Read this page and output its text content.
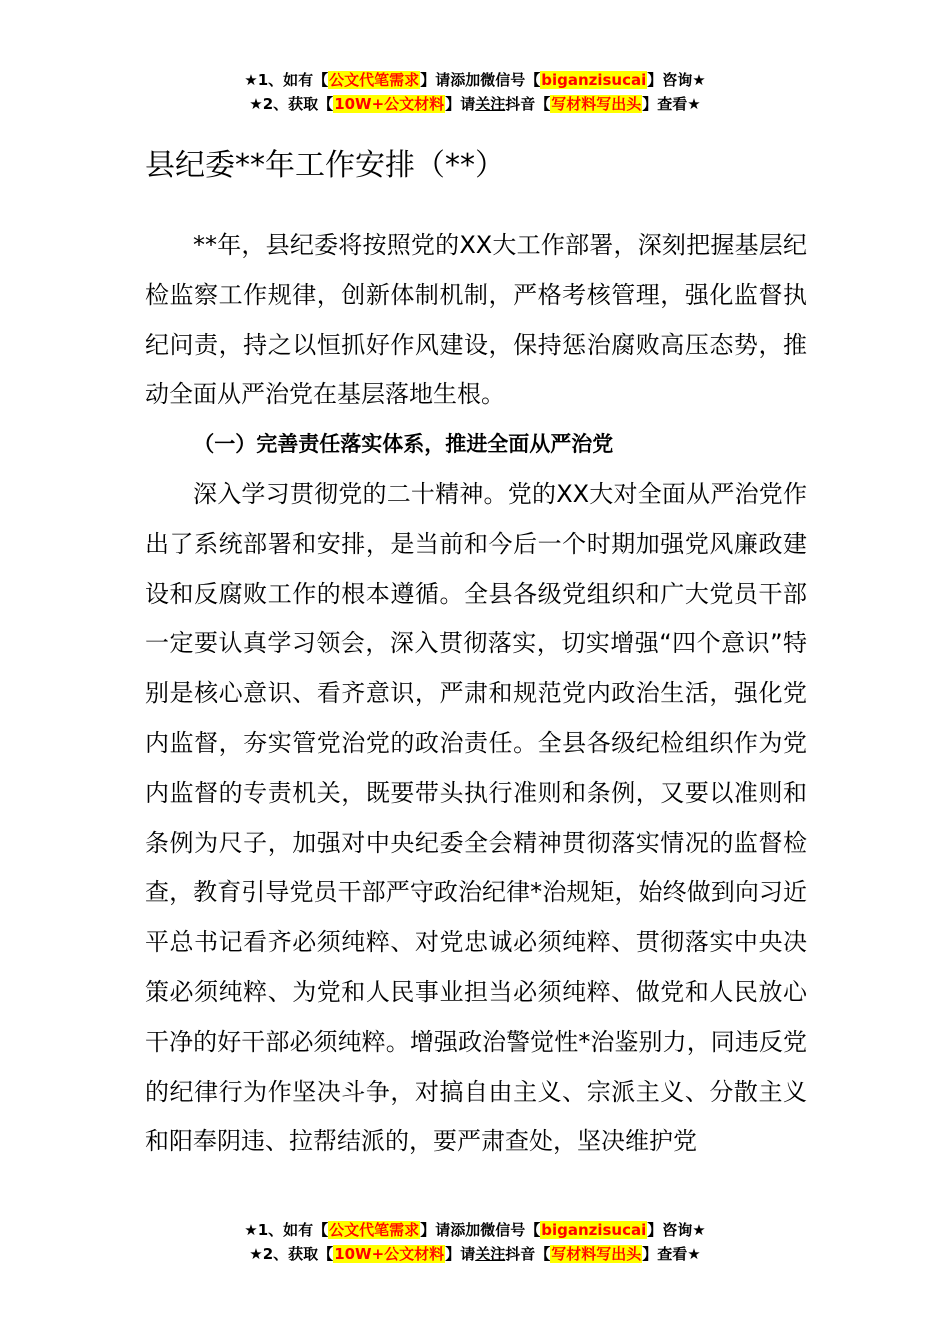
★1、如有【公文代笔需求】请添加微信号【biganzisucai】咨询★
★2、获取【10W+公文材料】请关注抖音【写材料写出头】查看★
县纪委**年工作安排（**）

**年，县纪委将按照党的XX大工作部署，深刻把握基层纪检监察工作规律，创新体制机制，严格考核管理，强化监督执纪问责，持之以恒抓好作风建设，保持惩治腐败高压态势，推动全面从严治党在基层落地生根。

（一）完善责任落实体系，推进全面从严治党

深入学习贯彻党的二十精神。党的XX大对全面从严治党作出了系统部署和安排，是当前和今后一个时期加强党风廉政建设和反腐败工作的根本遵循。全县各级党组织和广大党员干部一定要认真学习领会，深入贯彻落实，切实增强“四个意识”特别是核心意识、看齐意识，严肃和规范党内政治生活，强化党内监督，夯实管党治党的政治责任。全县各级纪检组织作为党内监督的专责机关，既要带头执行准则和条例，又要以准则和条例为尺子，加强对中央纪委全会精神贯彻落实情况的监督检查，教育引导党员干部严守政治纪律*治规矩，始终做到向习近平总书记看齐必须纯粹、对党忠诚必须纯粹、贯彻落实中央决策必须纯粹、为党和人民事业担当必须纯粹、做党和人民放心干净的好干部必须纯粹。增强政治警觉性*治鉴别力，同违反党的纪律行为作坚决斗争，对搞自由主义、宗派主义、分散主义和阳奉阴违、拉帮结派的，要严肃查处，坚决维护党

★1、如有【公文代笔需求】请添加微信号【biganzisucai】咨询★
★2、获取【10W+公文材料】请关注抖音【写材料写出头】查看★
